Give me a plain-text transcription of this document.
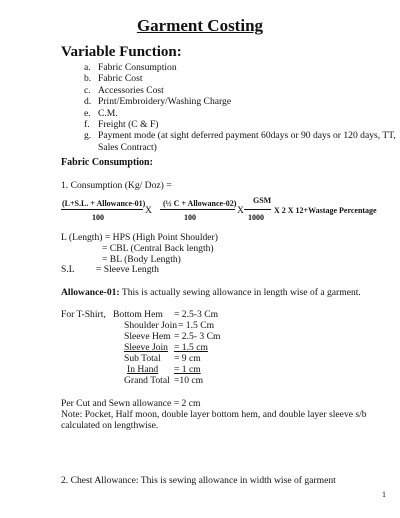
Garment Costing
Variable Function:
a. Fabric Consumption
b. Fabric Cost
c. Accessories Cost
d. Print/Embroidery/Washing Charge
e. C.M.
f. Freight (C & F)
g. Payment mode (at sight deferred payment 60days or 90 days or 120 days, TT,
Sales Contract)
Fabric Consumption:
1. Consumption (Kg/ Doz) =
(L+S.L. + Allowance-01)
100
X
(½ C + Allowance-02)
100
X
GSM
1000
X 2 X 12+Wastage Percentage
L (Length) = HPS (High Point Shoulder)
= CBL (Central Back length)
= BL (Body Length)
S.L = Sleeve Length
Allowance-01: This is actually sewing allowance in length wise of a garment.
For T-Shirt, Bottom Hem = 2.5-3 Cm
Shoulder Join = 1.5 Cm
Sleeve Hem = 2.5- 3 Cm
Sleeve Join = 1.5 cm
Sub Total = 9 cm
In Hand = 1 cm
Grand Total =10 cm
Per Cut and Sewn allowance = 2 cm
Note: Pocket, Half moon, double layer bottom hem, and double layer sleeve s/b
calculated on lengthwise.
2. Chest Allowance: This is sewing allowance in width wise of garment
1
